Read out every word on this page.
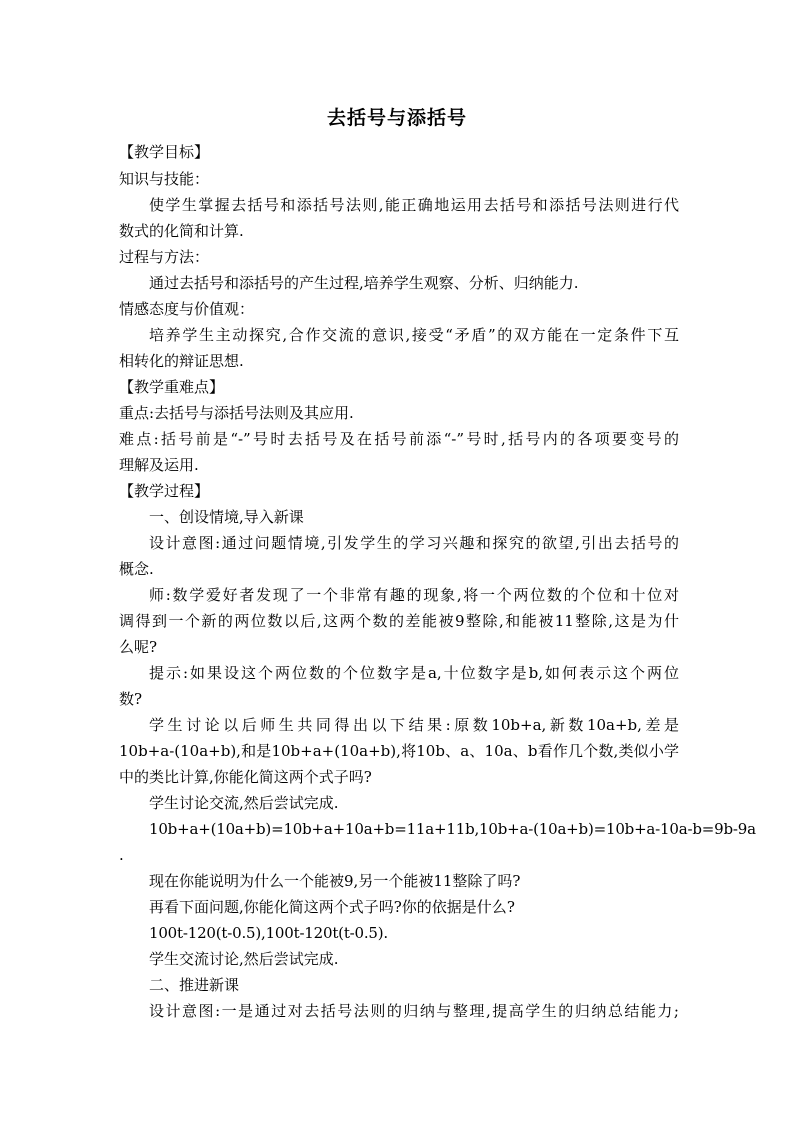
去括号与添括号
【教学目标】
知识与技能：
使学生掌握去括号和添括号法则,能正确地运用去括号和添括号法则进行代
数式的化简和计算.
过程与方法：
通过去括号和添括号的产生过程,培养学生观察、分析、归纳能力.
情感态度与价值观：
培养学生主动探究,合作交流的意识,接受“矛盾”的双方能在一定条件下互
相转化的辩证思想.
【教学重难点】
重点:去括号与添括号法则及其应用.
难点:括号前是“-”号时去括号及在括号前添“-”号时,括号内的各项要变号的
理解及运用.
【教学过程】
一、创设情境,导入新课
设计意图:通过问题情境,引发学生的学习兴趣和探究的欲望,引出去括号的
概念.
师:数学爱好者发现了一个非常有趣的现象,将一个两位数的个位和十位对
调得到一个新的两位数以后,这两个数的差能被9整除,和能被11整除,这是为什
么呢?
提示:如果设这个两位数的个位数字是a,十位数字是b,如何表示这个两位
数?
学生讨论以后师生共同得出以下结果:原数10b+a,新数10a+b,差是
10b+a-(10a+b),和是10b+a+(10a+b),将10b、a、10a、b看作几个数,类似小学
中的类比计算,你能化简这两个式子吗?
学生讨论交流,然后尝试完成.
10b+a+(10a+b)=10b+a+10a+b=11a+11b,10b+a-(10a+b)=10b+a-10a-b=9b-9a
.
现在你能说明为什么一个能被9,另一个能被11整除了吗?
再看下面问题,你能化简这两个式子吗?你的依据是什么?
100t-120(t-0.5),100t-120t(t-0.5).
学生交流讨论,然后尝试完成.
二、推进新课
设计意图:一是通过对去括号法则的归纳与整理,提高学生的归纳总结能力;
